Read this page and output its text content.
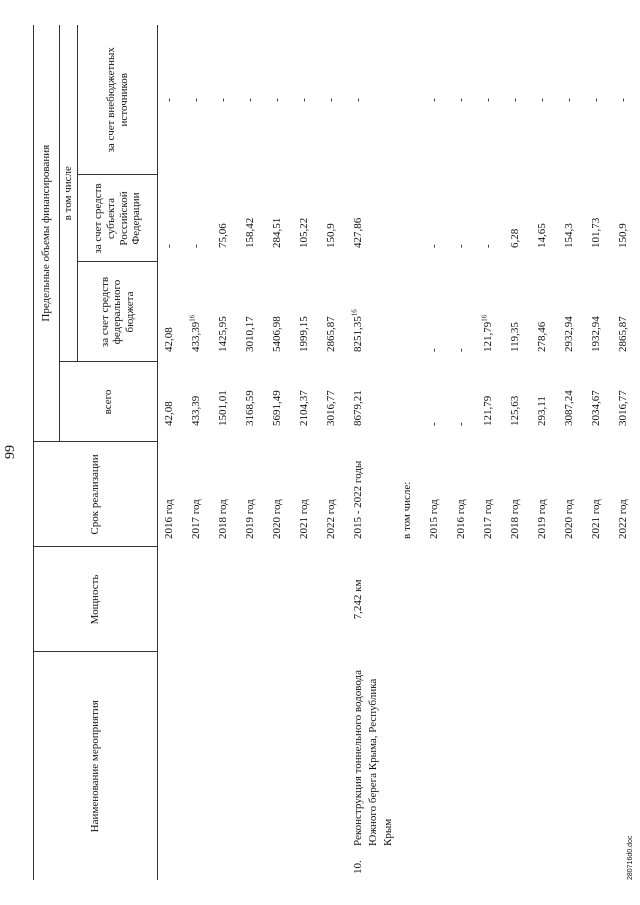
99
Наименование мероприятия		Мощность	Срок реализации	Предельные объемы финансирования			
				всего	в том числе		
					за счет средств федерального бюджета	за счет средств субъекта Российской Федерации	за счет внебюджетных источников
			2016 год	42,08	42,08	-	-
			2017 год	433,39	433,39$^{16}$	-	-
			2018 год	1501,01	1425,95	75,06	-
			2019 год	3168,59	3010,17	158,42	-
			2020 год	5691,49	5406,98	284,51	-
			2021 год	2104,37	1999,15	105,22	-
			2022 год	3016,77	2865,87	150,9	-
10.	Реконструкция тоннельного водовода Южного берега Крыма, Республика Крым	7,242 км	2015 - 2022 годы	8679,21	8251,35$^{16}$	427,86	-
			в том числе:				
			2015 год	-	-	-	-
			2016 год	-	-	-	-
			2017 год	121,79	121,79$^{16}$	-	-
			2018 год	125,63	119,35	6,28	-
			2019 год	293,11	278,46	14,65	-
			2020 год	3087,24	2932,94	154,3	-
			2021 год	2034,67	1932,94	101,73	-
			2022 год	3016,77	2865,87	150,9	-
280716d0.doc
